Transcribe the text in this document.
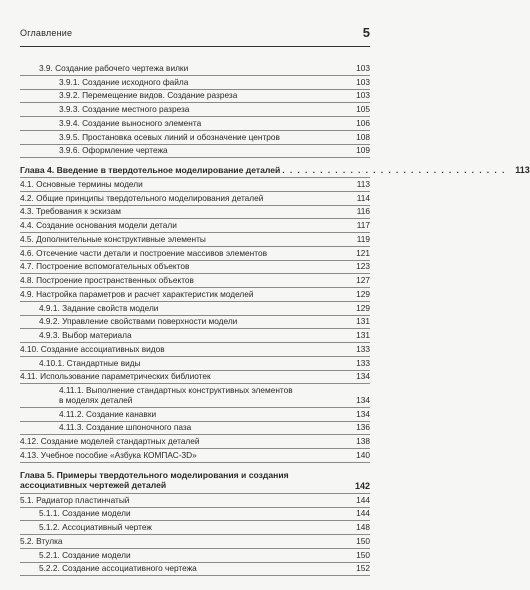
Оглавление	5
3.9. Создание рабочего чертежа вилки	103
3.9.1. Создание исходного файла	103
3.9.2. Перемещение видов. Создание разреза	103
3.9.3. Создание местного разреза	105
3.9.4. Создание выносного элемента	106
3.9.5. Простановка осевых линий и обозначение центров	108
3.9.6. Оформление чертежа	109
Глава 4. Введение в твердотельное моделирование деталей . . . . . . . . . . . . . . . . . . . . . . . . . . . . . .	113
4.1. Основные термины модели	113
4.2. Общие принципы твердотельного моделирования деталей	114
4.3. Требования к эскизам	116
4.4. Создание основания модели детали	117
4.5. Дополнительные конструктивные элементы	119
4.6. Отсечение части детали и построение массивов элементов	121
4.7. Построение вспомогательных объектов	123
4.8. Построение пространственных объектов	127
4.9. Настройка параметров и расчет характеристик моделей	129
4.9.1. Задание свойств модели	129
4.9.2. Управление свойствами поверхности модели	131
4.9.3. Выбор материала	131
4.10. Создание ассоциативных видов	133
4.10.1. Стандартные виды	133
4.11. Использование параметрических библиотек	134
4.11.1. Выполнение стандартных конструктивных элементов
в моделях деталей	134
4.11.2. Создание канавки	134
4.11.3. Создание шпоночного паза	136
4.12. Создание моделей стандартных деталей	138
4.13. Учебное пособие «Азбука КОМПАС-3D»	140
Глава 5. Примеры твердотельного моделирования и создания
ассоциативных чертежей деталей	142
5.1. Радиатор пластинчатый	144
5.1.1. Создание модели	144
5.1.2. Ассоциативный чертеж	148
5.2. Втулка	150
5.2.1. Создание модели	150
5.2.2. Создание ассоциативного чертежа	152
